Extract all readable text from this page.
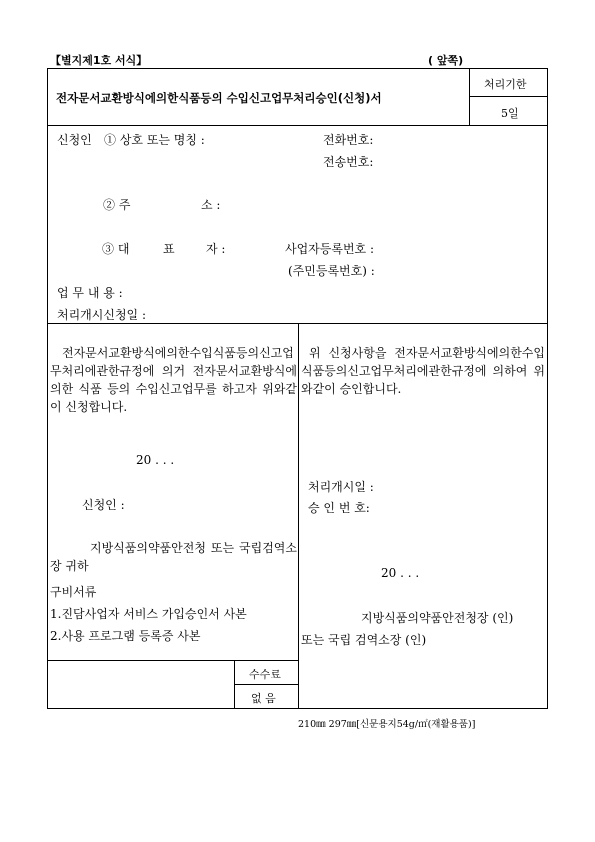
【별지제1호 서식】	( 앞쪽)
전자문서교환방식에의한식품등의 수입신고업무처리승인(신청)서
처리기한
5일
신청인 ① 상호 또는 명칭 :	전화번호:
전송번호:
② 주	소 :
③ 대	표	자 :	사업자등록번호 :
(주민등록번호) :
업 무 내 용 :
처리개시신청일 :
전자문서교환방식에의한수입식품등의신고업무처리에관한규정에 의거 전자문서교환방식에 의한 식품 등의 수입신고업무를 하고자 위와같이 신청합니다.
20 . . .
신청인 :
지방식품의약품안전청 또는 국립검역소장 귀하
구비서류
1.진담사업자 서비스 가입승인서 사본
2.사용 프로그램 등록증 사본
수수료
없 음
위 신청사항을 전자문서교환방식에의한수입식품등의신고업무처리에관한규정에 의하여 위와같이 승인합니다.
처리개시일 :
승 인 번 호:
20 . . .
지방식품의약품안전청장 (인)
또는 국립 검역소장 (인)
210㎜ 297㎜[신문용지54g/㎡(재활용품)]
